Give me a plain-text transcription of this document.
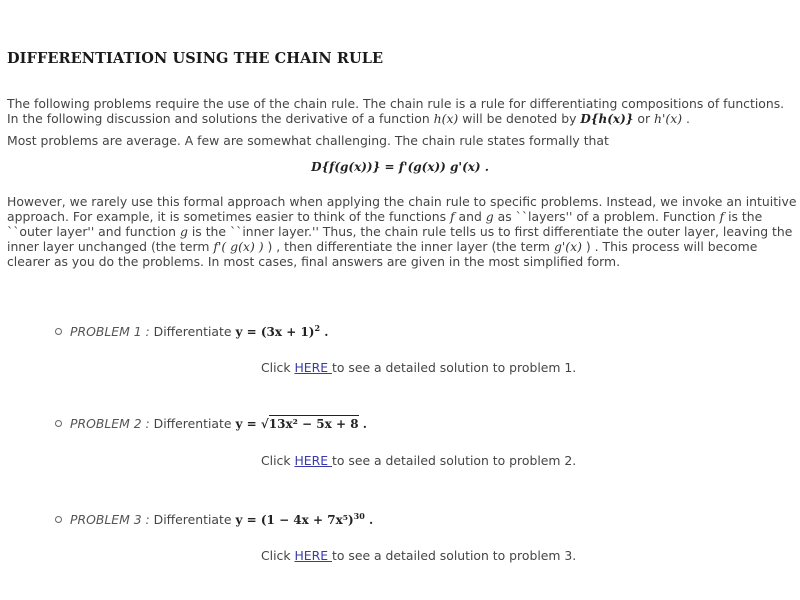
DIFFERENTIATION USING THE CHAIN RULE

The following problems require the use of the chain rule. The chain rule is a rule for differentiating compositions of functions. In the following discussion and solutions the derivative of a function h(x) will be denoted by D{h(x)} or h'(x) .

Most problems are average. A few are somewhat challenging. The chain rule states formally that

D{f(g(x))} = f'(g(x)) g'(x) .

However, we rarely use this formal approach when applying the chain rule to specific problems. Instead, we invoke an intuitive approach. For example, it is sometimes easier to think of the functions f and g as ``layers'' of a problem. Function f is the ``outer layer'' and function g is the ``inner layer.'' Thus, the chain rule tells us to first differentiate the outer layer, leaving the inner layer unchanged (the term f'( g(x) ) ) , then differentiate the inner layer (the term g'(x) ) . This process will become clearer as you do the problems. In most cases, final answers are given in the most simplified form.

PROBLEM 1 : Differentiate $y = (3x + 1)^2$ .
Click HERE to see a detailed solution to problem 1.
PROBLEM 2 : Differentiate y = √13x² − 5x + 8 .
Click HERE to see a detailed solution to problem 2.
PROBLEM 3 : Differentiate $y = (1 - 4x + 7x^5)^{30}$ .
Click HERE to see a detailed solution to problem 3.
